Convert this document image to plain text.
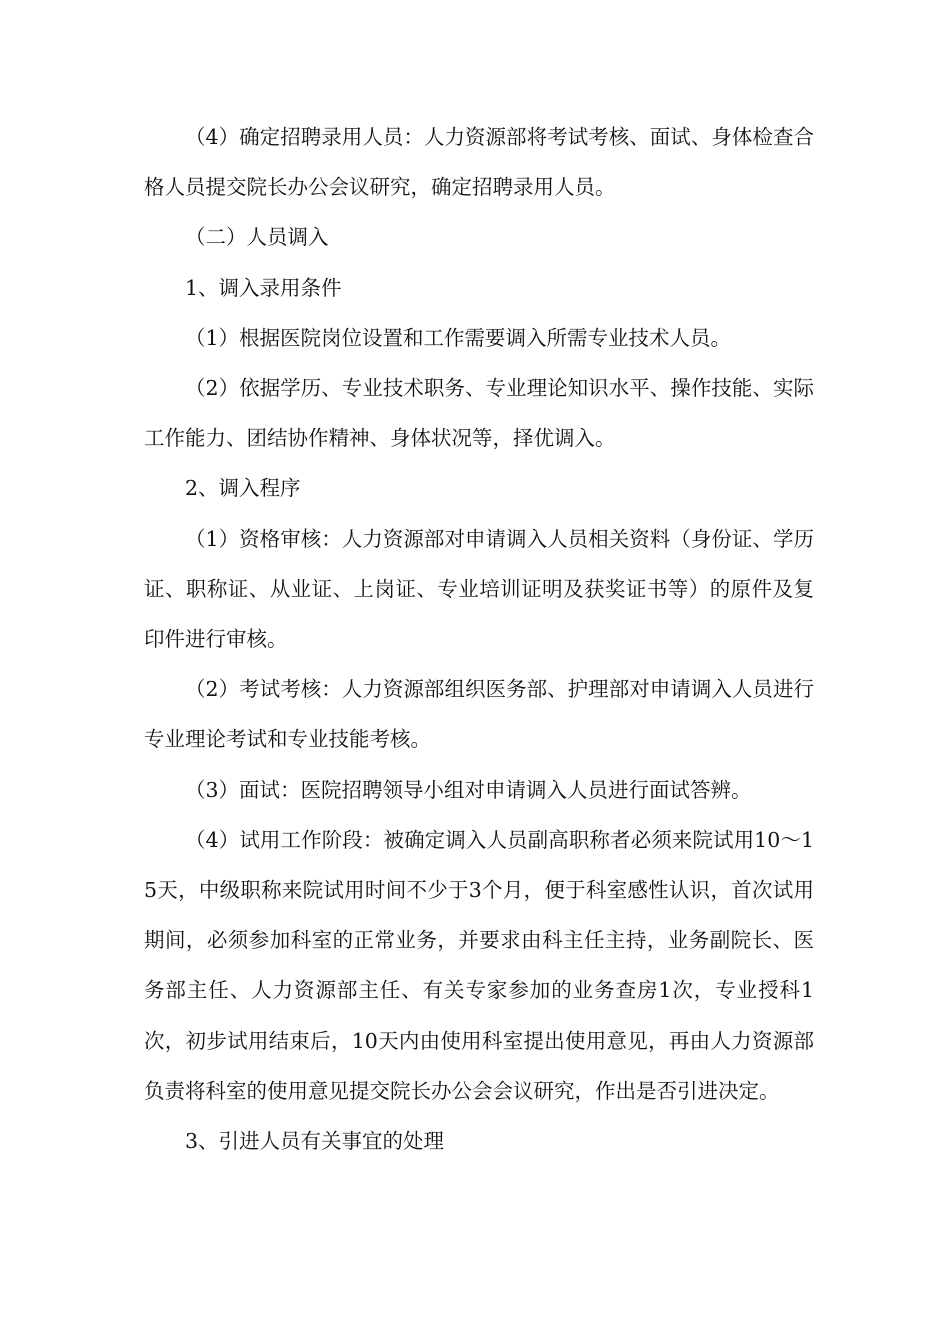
（4）确定招聘录用人员：人力资源部将考试考核、面试、身体检查合格人员提交院长办公会议研究，确定招聘录用人员。

（二）人员调入

1、调入录用条件

（1）根据医院岗位设置和工作需要调入所需专业技术人员。

（2）依据学历、专业技术职务、专业理论知识水平、操作技能、实际工作能力、团结协作精神、身体状况等，择优调入。

2、调入程序

（1）资格审核：人力资源部对申请调入人员相关资料（身份证、学历证、职称证、从业证、上岗证、专业培训证明及获奖证书等）的原件及复印件进行审核。

（2）考试考核：人力资源部组织医务部、护理部对申请调入人员进行专业理论考试和专业技能考核。

（3）面试：医院招聘领导小组对申请调入人员进行面试答辨。

（4）试用工作阶段：被确定调入人员副高职称者必须来院试用10～15天，中级职称来院试用时间不少于3个月，便于科室感性认识，首次试用期间，必须参加科室的正常业务，并要求由科主任主持，业务副院长、医务部主任、人力资源部主任、有关专家参加的业务查房1次，专业授科1次，初步试用结束后，10天内由使用科室提出使用意见，再由人力资源部负责将科室的使用意见提交院长办公会会议研究，作出是否引进决定。

3、引进人员有关事宜的处理
